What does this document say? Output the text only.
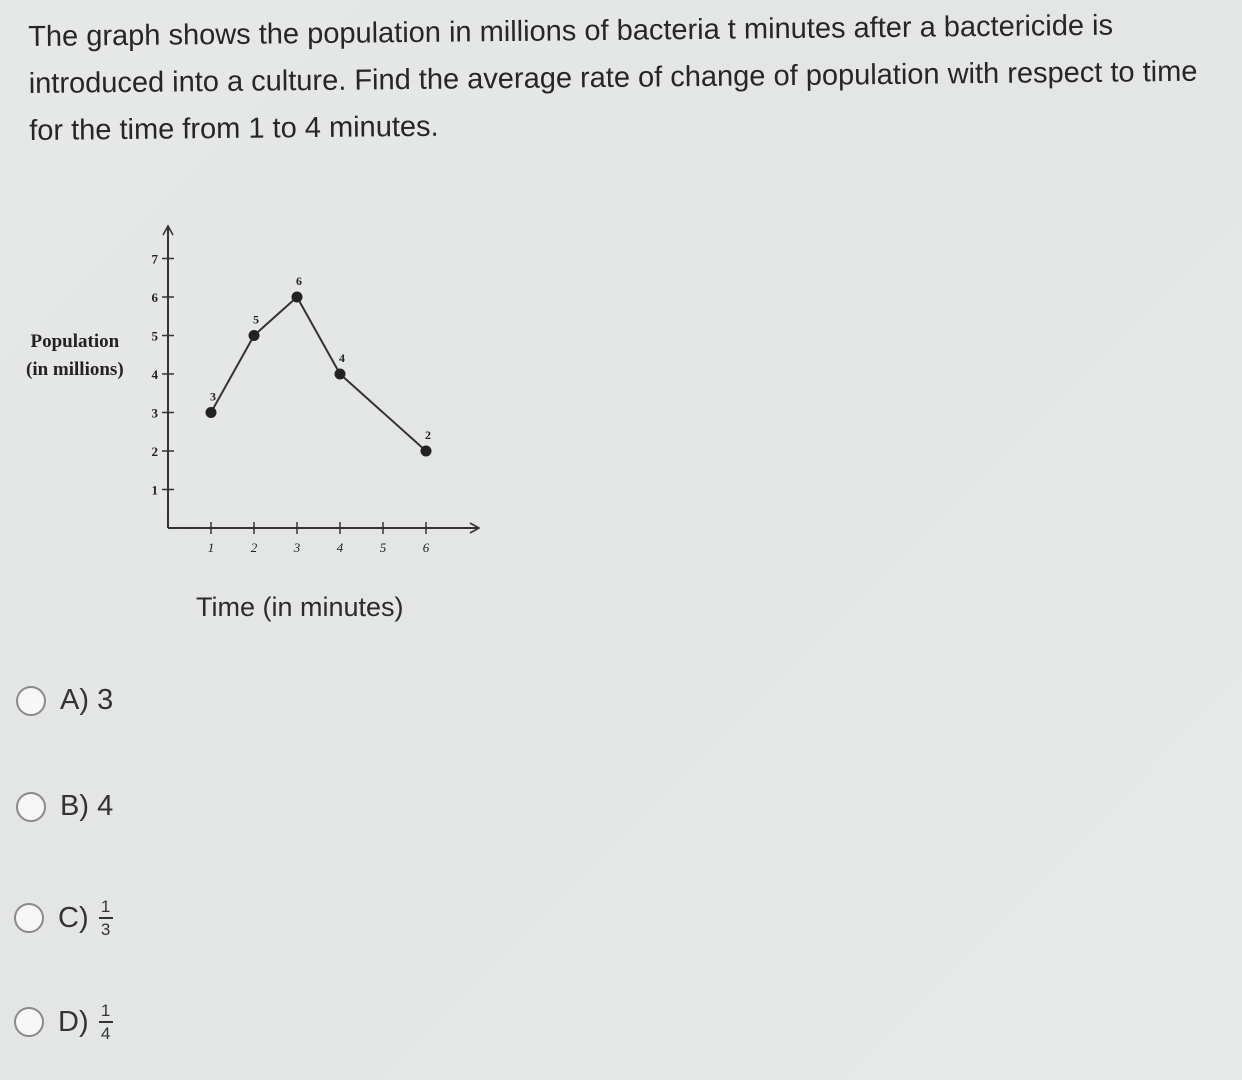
The graph shows the population in millions of bacteria t minutes after a bactericide is introduced into a culture. Find the average rate of change of population with respect to time for the time from 1 to 4 minutes.
Population
(in millions)
1	2	3	4	5	6
1
2
3
4
5
6
7
3
5
6
4
2
Time (in minutes)
A)
3
B)
4
$C) \frac{1}{3}$
$D) \frac{1}{4}$
